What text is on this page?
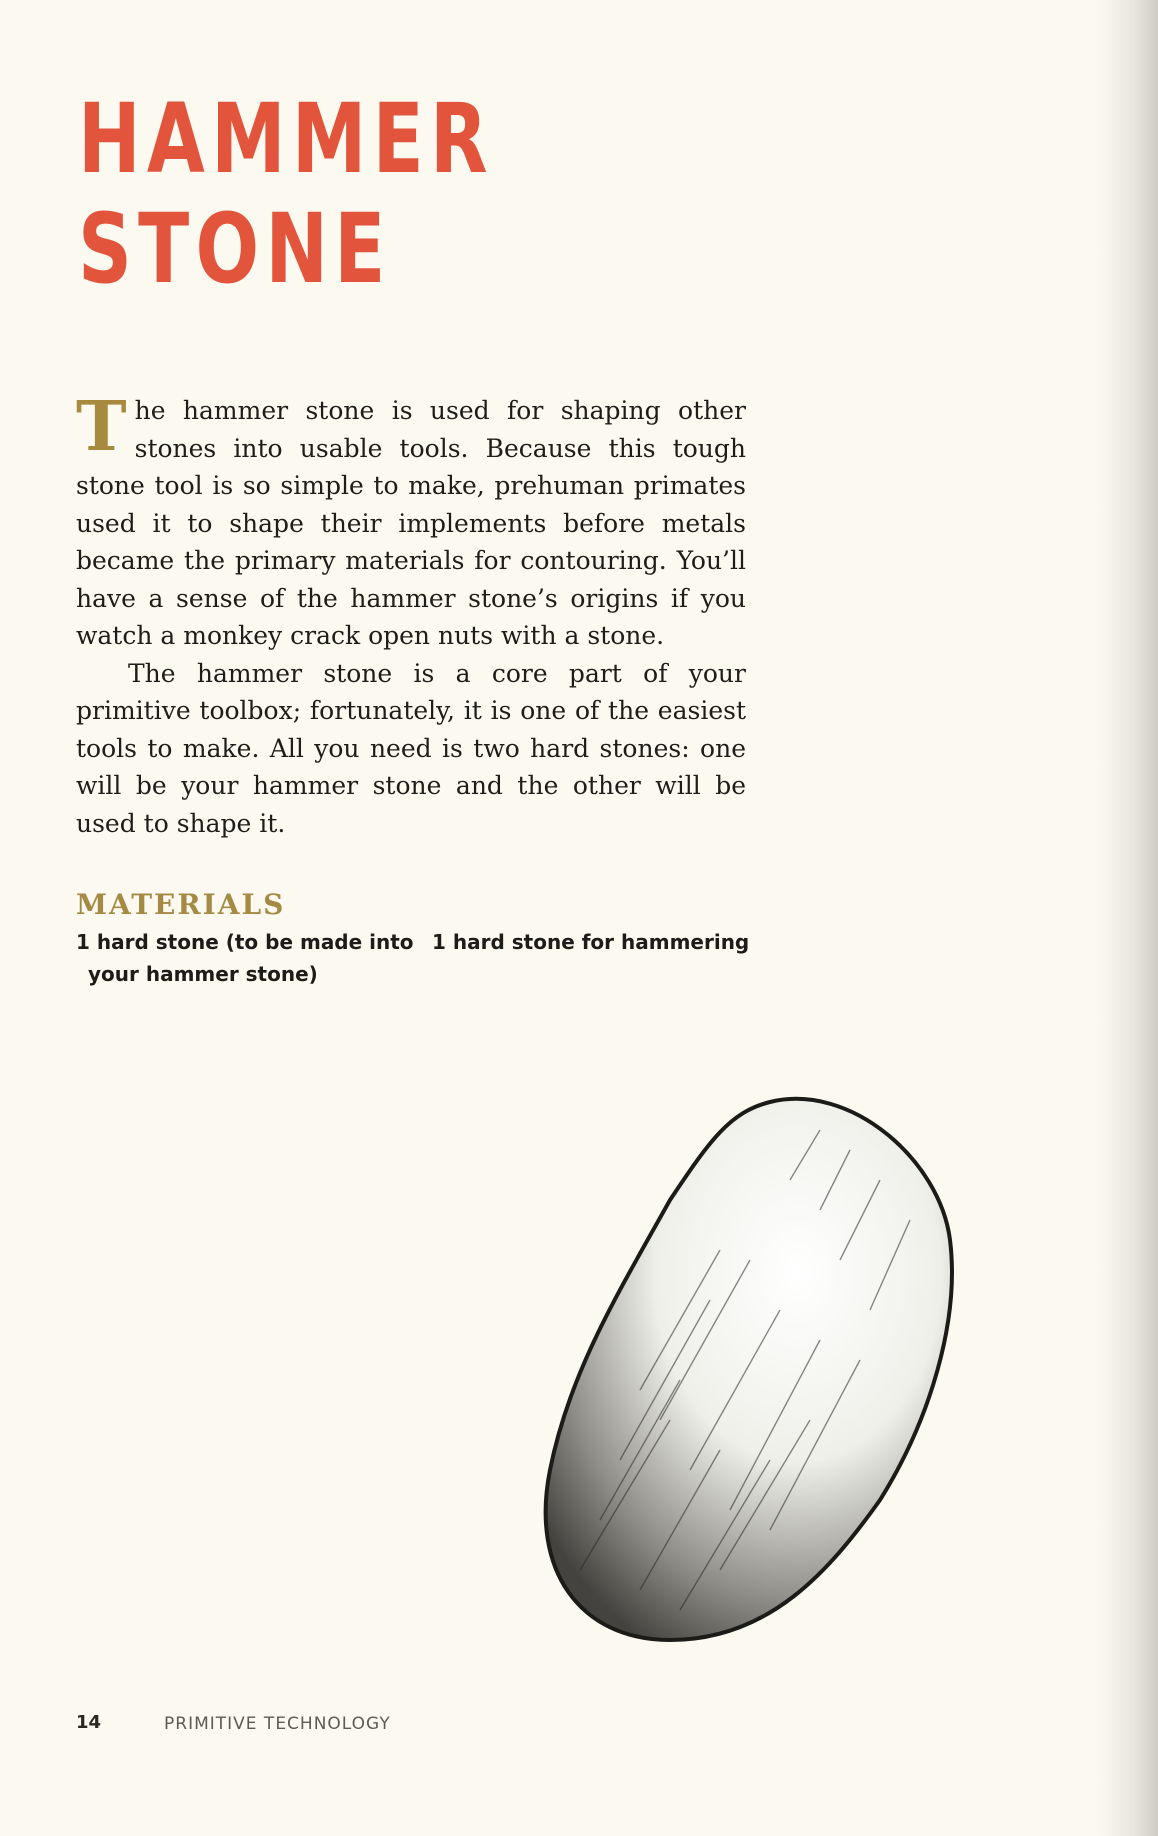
HAMMER
STONE

The hammer stone is used for shaping other stones into usable tools. Because this tough stone tool is so simple to make, prehuman primates used it to shape their implements before metals became the primary materials for contouring. You’ll have a sense of the hammer stone’s origins if you watch a monkey crack open nuts with a stone.

The hammer stone is a core part of your primitive toolbox; fortunately, it is one of the easiest tools to make. All you need is two hard stones: one will be your hammer stone and the other will be used to shape it.

MATERIALS
1 hard stone (to be made into your hammer stone)
1 hard stone for hammering
14	PRIMITIVE TECHNOLOGY
